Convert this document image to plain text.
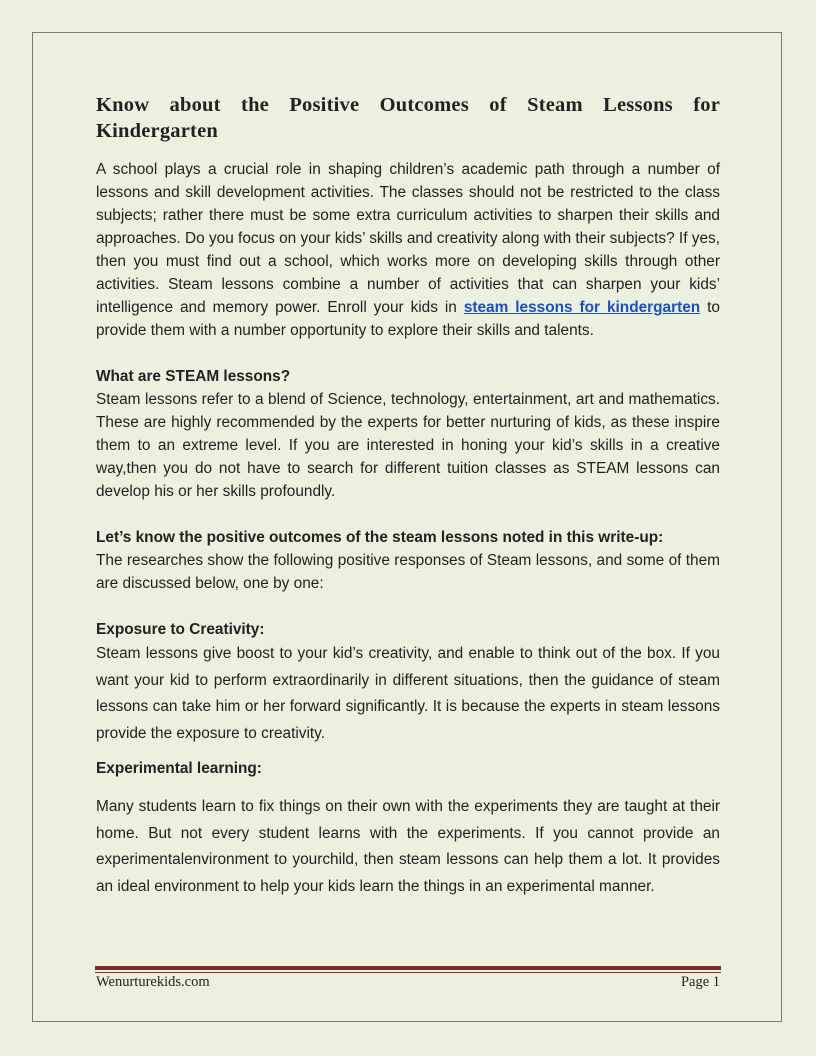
Know about the Positive Outcomes of Steam Lessons for Kindergarten

A school plays a crucial role in shaping children’s academic path through a number of lessons and skill development activities. The classes should not be restricted to the class subjects; rather there must be some extra curriculum activities to sharpen their skills and approaches. Do you focus on your kids’ skills and creativity along with their subjects? If yes, then you must find out a school, which works more on developing skills through other activities. Steam lessons combine a number of activities that can sharpen your kids’ intelligence and memory power. Enroll your kids in steam lessons for kindergarten to provide them with a number opportunity to explore their skills and talents.

What are STEAM lessons?

Steam lessons refer to a blend of Science, technology, entertainment, art and mathematics. These are highly recommended by the experts for better nurturing of kids, as these inspire them to an extreme level. If you are interested in honing your kid’s skills in a creative way,then you do not have to search for different tuition classes as STEAM lessons can develop his or her skills profoundly.

Let’s know the positive outcomes of the steam lessons noted in this write-up:

The researches show the following positive responses of Steam lessons, and some of them are discussed below, one by one:

Exposure to Creativity:

Steam lessons give boost to your kid’s creativity, and enable to think out of the box. If you want your kid to perform extraordinarily in different situations, then the guidance of steam lessons can take him or her forward significantly. It is because the experts in steam lessons provide the exposure to creativity.

Experimental learning:

Many students learn to fix things on their own with the experiments they are taught at their home. But not every student learns with the experiments. If you cannot provide an experimentalenvironment to yourchild, then steam lessons can help them a lot. It provides an ideal environment to help your kids learn the things in an experimental manner.

Wenurturekids.com	Page 1
